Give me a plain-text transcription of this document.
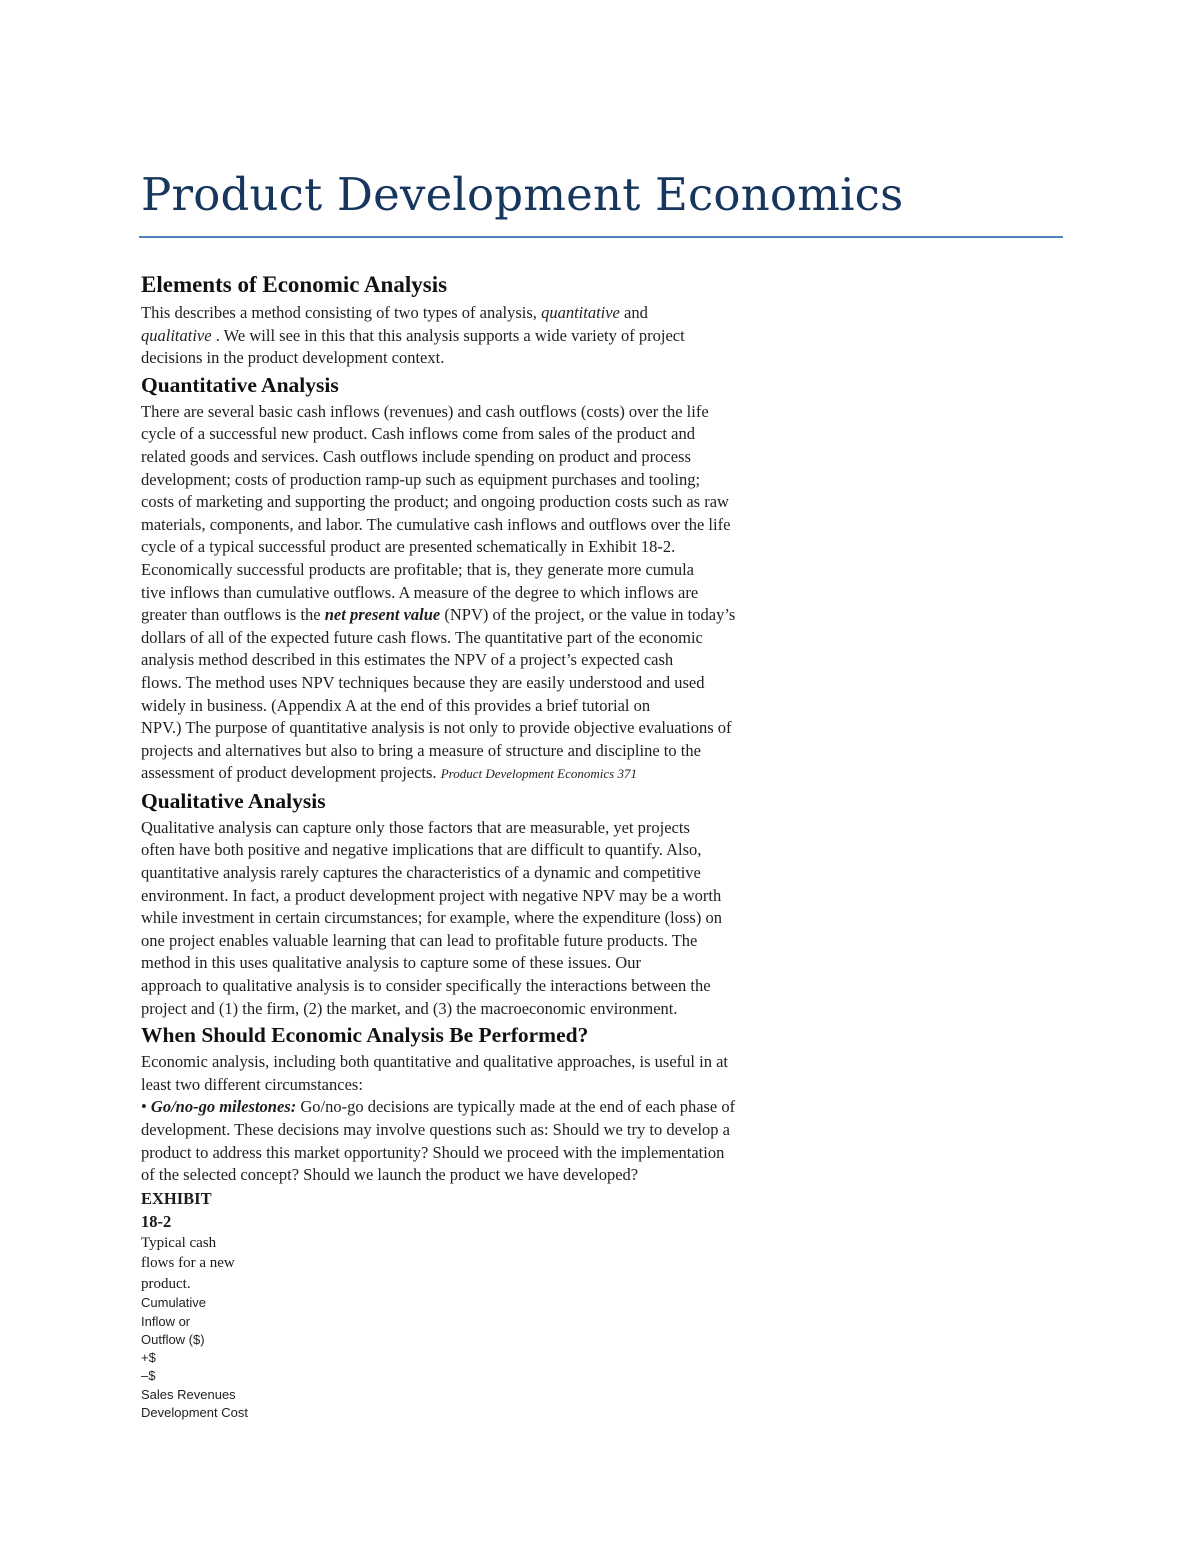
Product Development Economics
Elements of Economic Analysis
This describes a method consisting of two types of analysis, quantitative and
qualitative . We will see in this that this analysis supports a wide variety of project
decisions in the product development context.
Quantitative Analysis
There are several basic cash inflows (revenues) and cash outflows (costs) over the life
cycle of a successful new product. Cash inflows come from sales of the product and
related goods and services. Cash outflows include spending on product and process
development; costs of production ramp-up such as equipment purchases and tooling;
costs of marketing and supporting the product; and ongoing production costs such as raw
materials, components, and labor. The cumulative cash inflows and outflows over the life
cycle of a typical successful product are presented schematically in Exhibit 18-2.
Economically successful products are profitable; that is, they generate more cumula
tive inflows than cumulative outflows. A measure of the degree to which inflows are
greater than outflows is the net present value (NPV) of the project, or the value in today’s
dollars of all of the expected future cash flows. The quantitative part of the economic
analysis method described in this estimates the NPV of a project’s expected cash
flows. The method uses NPV techniques because they are easily understood and used
widely in business. (Appendix A at the end of this provides a brief tutorial on
NPV.) The purpose of quantitative analysis is not only to provide objective evaluations of
projects and alternatives but also to bring a measure of structure and discipline to the
assessment of product development projects. Product Development Economics 371
Qualitative Analysis
Qualitative analysis can capture only those factors that are measurable, yet projects
often have both positive and negative implications that are difficult to quantify. Also,
quantitative analysis rarely captures the characteristics of a dynamic and competitive
environment. In fact, a product development project with negative NPV may be a worth
while investment in certain circumstances; for example, where the expenditure (loss) on
one project enables valuable learning that can lead to profitable future products. The
method in this uses qualitative analysis to capture some of these issues. Our
approach to qualitative analysis is to consider specifically the interactions between the
project and (1) the firm, (2) the market, and (3) the macroeconomic environment.
When Should Economic Analysis Be Performed?
Economic analysis, including both quantitative and qualitative approaches, is useful in at
least two different circumstances:
• Go/no-go milestones: Go/no-go decisions are typically made at the end of each phase of
development. These decisions may involve questions such as: Should we try to develop a
product to address this market opportunity? Should we proceed with the implementation
of the selected concept? Should we launch the product we have developed?
EXHIBIT
18-2
Typical cash
flows for a new
product.
Cumulative
Inflow or
Outflow ($)
+$
–$
Sales Revenues
Development Cost
